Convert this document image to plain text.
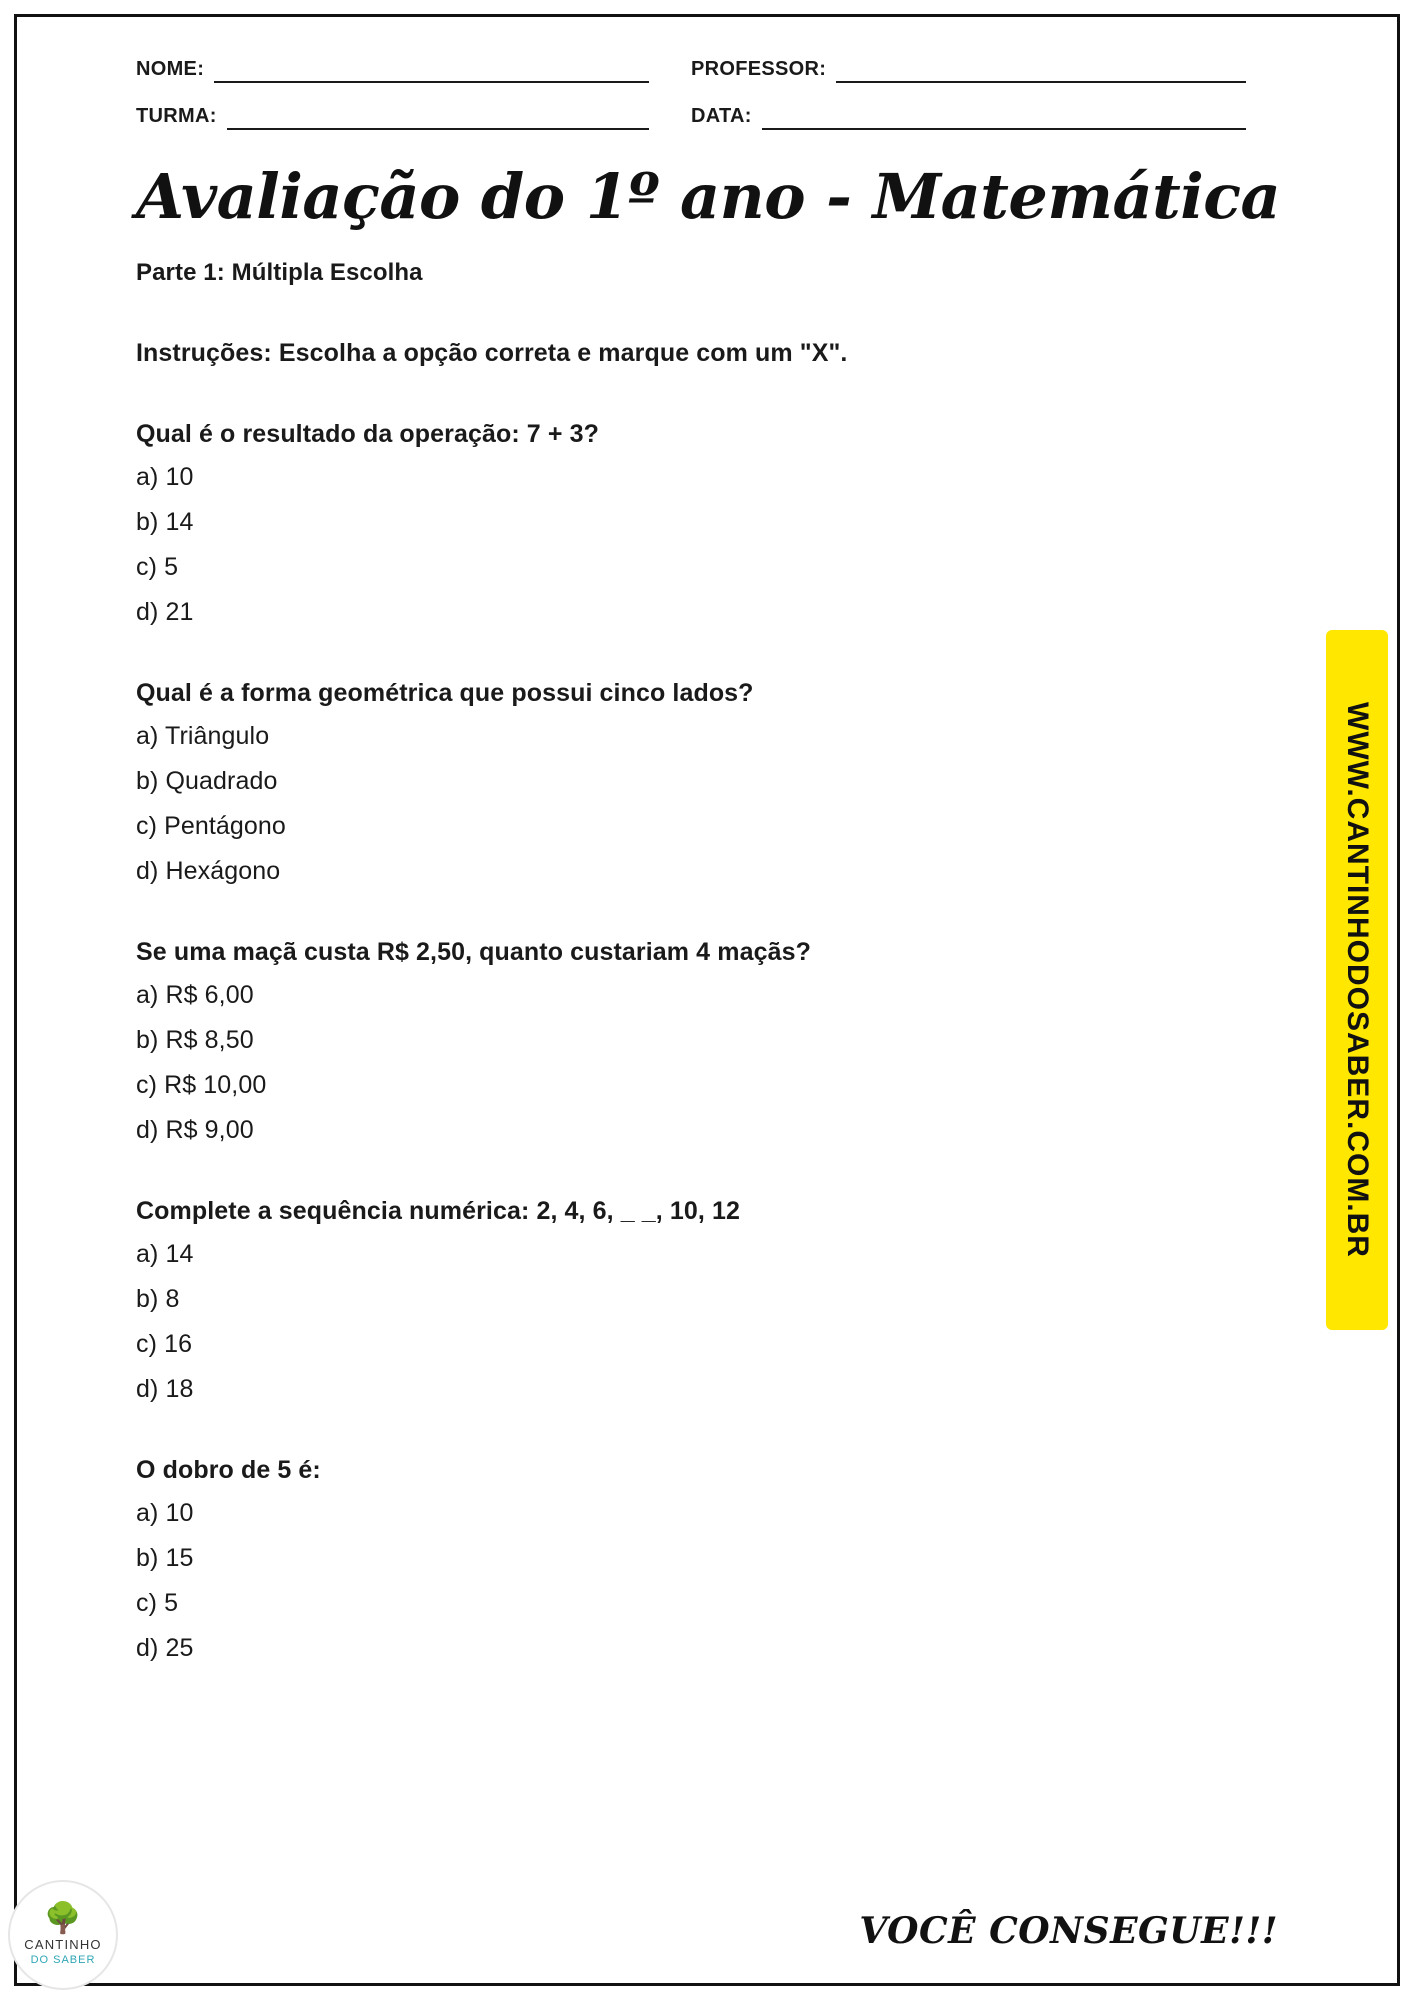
NOME:	PROFESSOR:
TURMA:	DATA:
Avaliação do 1º ano - Matemática
Parte 1: Múltipla Escolha
Instruções: Escolha a opção correta e marque com um "X".
Qual é o resultado da operação: 7 + 3?
a) 10
b) 14
c) 5
d) 21
Qual é a forma geométrica que possui cinco lados?
a) Triângulo
b) Quadrado
c) Pentágono
d) Hexágono
Se uma maçã custa R$ 2,50, quanto custariam 4 maçãs?
a) R$ 6,00
b) R$ 8,50
c) R$ 10,00
d) R$ 9,00
Complete a sequência numérica: 2, 4, 6, _ _, 10, 12
a) 14
b) 8
c) 16
d) 18
O dobro de 5 é:
a) 10
b) 15
c) 5
d) 25
WWW.CANTINHODOSABER.COM.BR
VOCÊ CONSEGUE!!!
🌳
CANTINHO
DO SABER
